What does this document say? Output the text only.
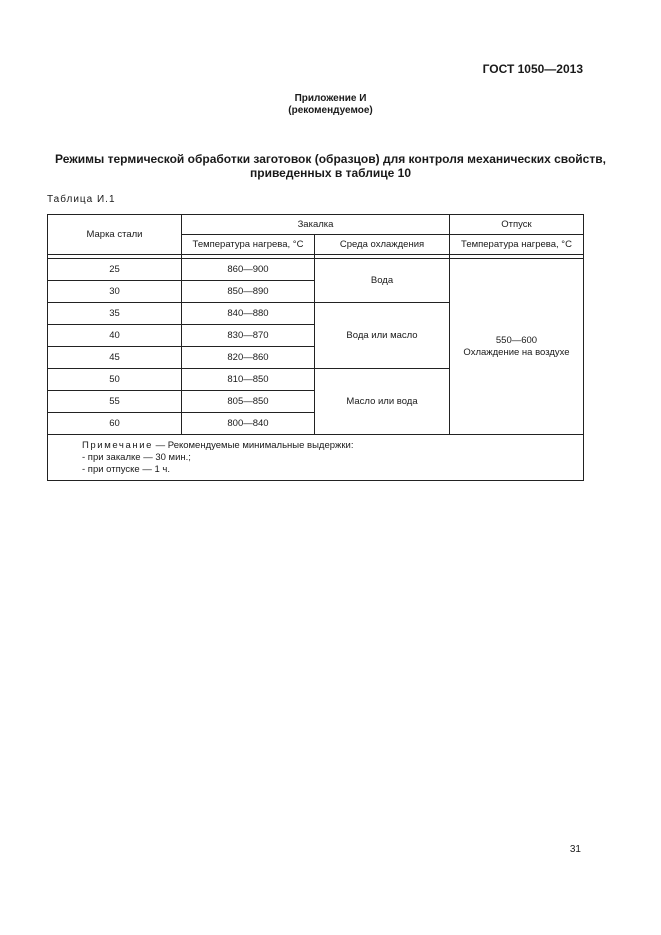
ГОСТ 1050—2013
Приложение И
(рекомендуемое)
Режимы термической обработки заготовок (образцов) для контроля механических свойств,
приведенных в таблице 10
Таблица И.1
Марка стали	Закалка		Отпуск
	Температура нагрева, °С	Среда охлаждения	Температура нагрева, °С

25	860—900	Вода	550—600
Охлаждение на воздухе

30	850—890		
35	840—880	Вода или масло	
40	830—870		
45	820—860		
50	810—850	Масло или вода	
55	805—850		
60	800—840		

Примечание — Рекомендуемые минимальные выдержки:
- при закалке — 30 мин.;
- при отпуске — 1 ч.			
31
